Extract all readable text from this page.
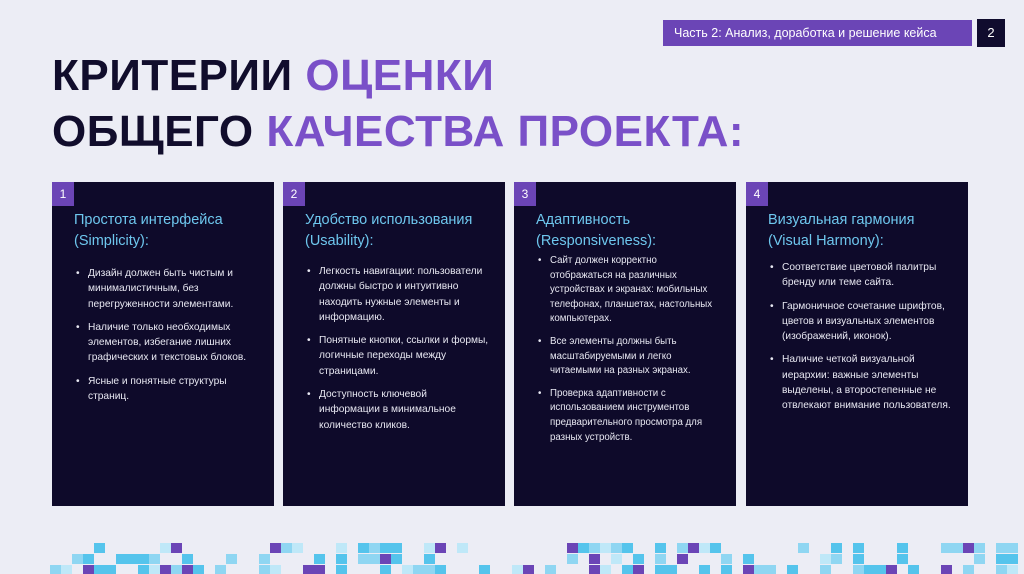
Часть 2: Анализ, доработка и решение кейса	2
КРИТЕРИИ ОЦЕНКИ
ОБЩЕГО КАЧЕСТВА ПРОЕКТА:
1
Простота интерфейса (Simplicity):
• Дизайн должен быть чистым и минималистичным, без перегруженности элементами.
• Наличие только необходимых элементов, избегание лишних графических и текстовых блоков.
• Ясные и понятные структуры страниц.
2
Удобство использования (Usability):
• Легкость навигации: пользователи должны быстро и интуитивно находить нужные элементы и информацию.
• Понятные кнопки, ссылки и формы, логичные переходы между страницами.
• Доступность ключевой информации в минимальное количество кликов.
3
Адаптивность (Responsiveness):
• Сайт должен корректно отображаться на различных устройствах и экранах: мобильных телефонах, планшетах, настольных компьютерах.
• Все элементы должны быть масштабируемыми и легко читаемыми на разных экранах.
• Проверка адаптивности с использованием инструментов предварительного просмотра для разных устройств.
4
Визуальная гармония (Visual Harmony):
• Соответствие цветовой палитры бренду или теме сайта.
• Гармоничное сочетание шрифтов, цветов и визуальных элементов (изображений, иконок).
• Наличие четкой визуальной иерархии: важные элементы выделены, а второстепенные не отвлекают внимание пользователя.
